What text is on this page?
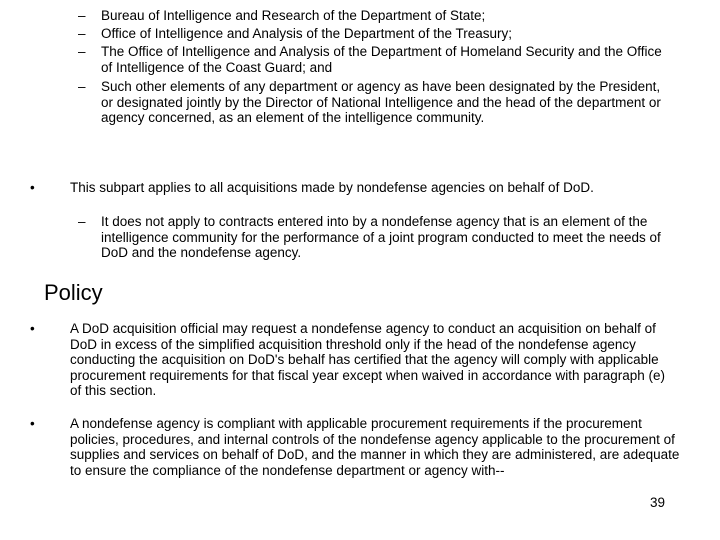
– Bureau of Intelligence and Research of the Department of State;
– Office of Intelligence and Analysis of the Department of the Treasury;
– The Office of Intelligence and Analysis of the Department of Homeland Security and the Office of Intelligence of the Coast Guard; and
– Such other elements of any department or agency as have been designated by the President, or designated jointly by the Director of National Intelligence and the head of the department or agency concerned, as an element of the intelligence community.
•	This subpart applies to all acquisitions made by nondefense agencies on behalf of DoD.
– It does not apply to contracts entered into by a nondefense agency that is an element of the intelligence community for the performance of a joint program conducted to meet the needs of DoD and the nondefense agency.
Policy
•	A DoD acquisition official may request a nondefense agency to conduct an acquisition on behalf of DoD in excess of the simplified acquisition threshold only if the head of the nondefense agency conducting the acquisition on DoD's behalf has certified that the agency will comply with applicable procurement requirements for that fiscal year except when waived in accordance with paragraph (e) of this section.
•	A nondefense agency is compliant with applicable procurement requirements if the procurement policies, procedures, and internal controls of the nondefense agency applicable to the procurement of supplies and services on behalf of DoD, and the manner in which they are administered, are adequate to ensure the compliance of the nondefense department or agency with--
39
